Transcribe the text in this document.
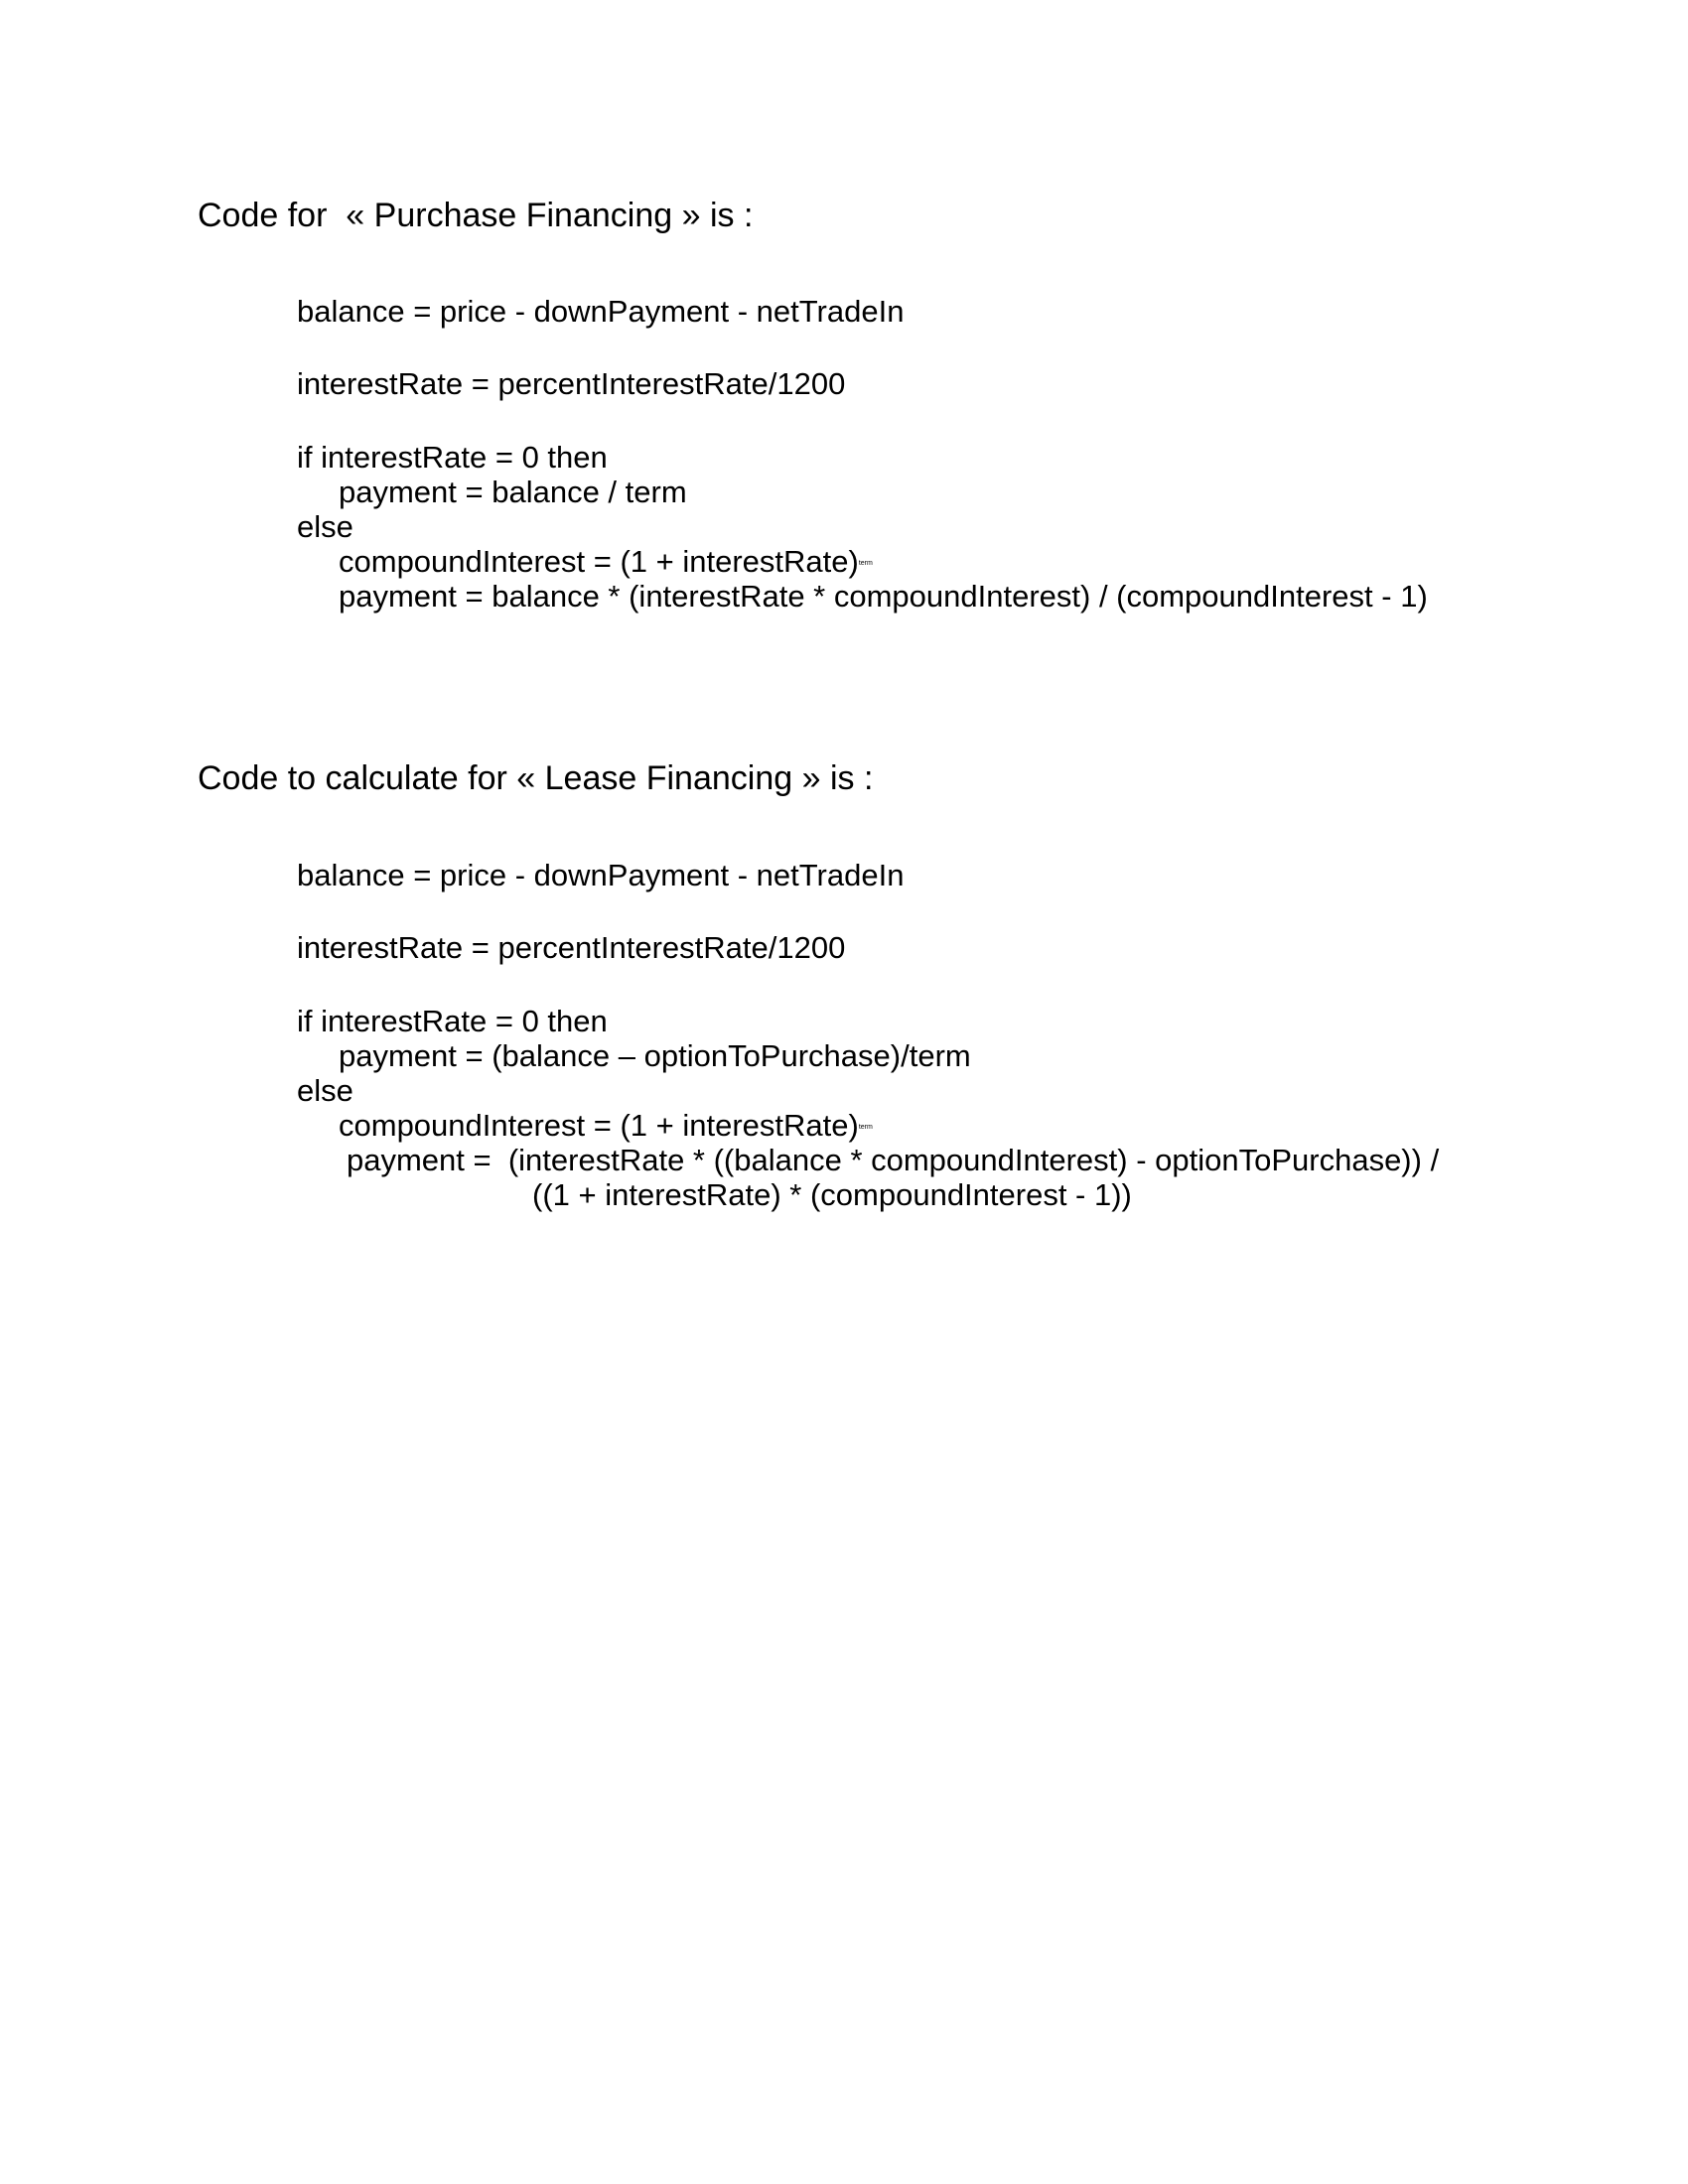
Code for  « Purchase Financing » is :
balance = price - downPayment - netTradeIn
interestRate = percentInterestRate/1200
if interestRate = 0 then
payment = balance / term
else
compoundInterest = (1 + interestRate)$^{term}$
payment = balance * (interestRate * compoundInterest) / (compoundInterest - 1)
Code to calculate for « Lease Financing » is :
balance = price - downPayment - netTradeIn
interestRate = percentInterestRate/1200
if interestRate = 0 then
payment = (balance – optionToPurchase)/term
else
compoundInterest = (1 + interestRate)$^{term}$
payment =  (interestRate * ((balance * compoundInterest) - optionToPurchase)) /
((1 + interestRate) * (compoundInterest - 1))
